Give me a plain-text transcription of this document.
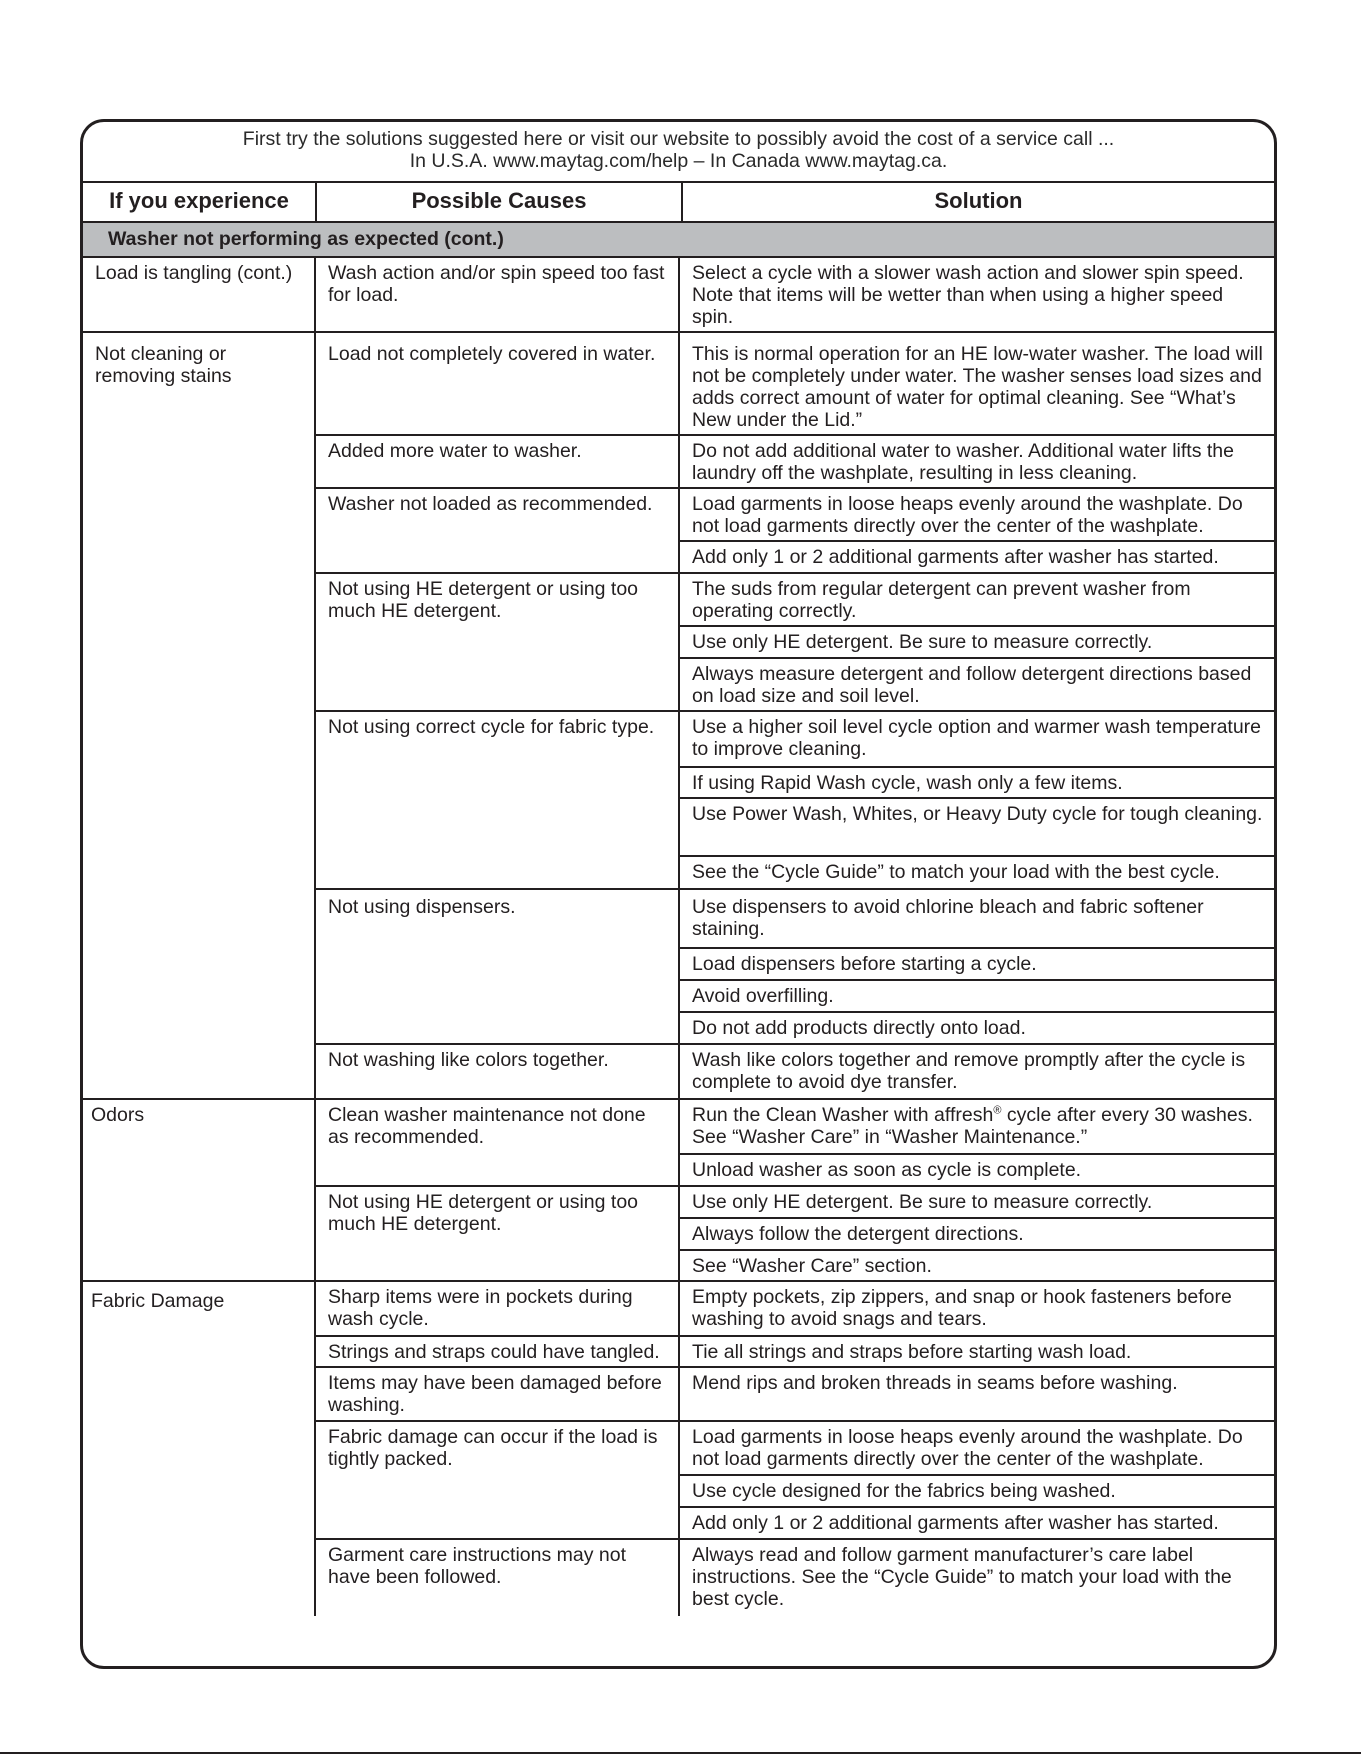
First try the solutions suggested here or visit our website to possibly avoid the cost of a service call ...
In U.S.A. www.maytag.com/help – In Canada www.maytag.ca.
If you experience	Possible Causes	Solution
Washer not performing as expected (cont.)
Load is tangling (cont.)	Wash action and/or spin speed too fast for load.	Select a cycle with a slower wash action and slower spin speed. Note that items will be wetter than when using a higher speed spin.
Not cleaning or removing stains	Load not completely covered in water.	This is normal operation for an HE low-water washer. The load will not be completely under water. The washer senses load sizes and adds correct amount of water for optimal cleaning. See “What’s New under the Lid.”
	Added more water to washer.	Do not add additional water to washer. Additional water lifts the laundry off the washplate, resulting in less cleaning.
	Washer not loaded as recommended.	Load garments in loose heaps evenly around the washplate. Do not load garments directly over the center of the washplate.
		Add only 1 or 2 additional garments after washer has started.
	Not using HE detergent or using too much HE detergent.	The suds from regular detergent can prevent washer from operating correctly.
		Use only HE detergent. Be sure to measure correctly.
		Always measure detergent and follow detergent directions based on load size and soil level.
	Not using correct cycle for fabric type.	Use a higher soil level cycle option and warmer wash temperature to improve cleaning.
		If using Rapid Wash cycle, wash only a few items.
		Use Power Wash, Whites, or Heavy Duty cycle for tough cleaning.
		See the “Cycle Guide” to match your load with the best cycle.
	Not using dispensers.	Use dispensers to avoid chlorine bleach and fabric softener staining.
		Load dispensers before starting a cycle.
		Avoid overfilling.
		Do not add products directly onto load.
	Not washing like colors together.	Wash like colors together and remove promptly after the cycle is complete to avoid dye transfer.
Odors	Clean washer maintenance not done as recommended.	Run the Clean Washer with affresh® cycle after every 30 washes. See “Washer Care” in “Washer Maintenance.”
		Unload washer as soon as cycle is complete.
	Not using HE detergent or using too much HE detergent.	Use only HE detergent. Be sure to measure correctly.
		Always follow the detergent directions.
		See “Washer Care” section.
Fabric Damage	Sharp items were in pockets during wash cycle.	Empty pockets, zip zippers, and snap or hook fasteners before washing to avoid snags and tears.
	Strings and straps could have tangled.	Tie all strings and straps before starting wash load.
	Items may have been damaged before washing.	Mend rips and broken threads in seams before washing.
	Fabric damage can occur if the load is tightly packed.	Load garments in loose heaps evenly around the washplate. Do not load garments directly over the center of the washplate.
		Use cycle designed for the fabrics being washed.
		Add only 1 or 2 additional garments after washer has started.
	Garment care instructions may not have been followed.	Always read and follow garment manufacturer’s care label instructions. See the “Cycle Guide” to match your load with the best cycle.
